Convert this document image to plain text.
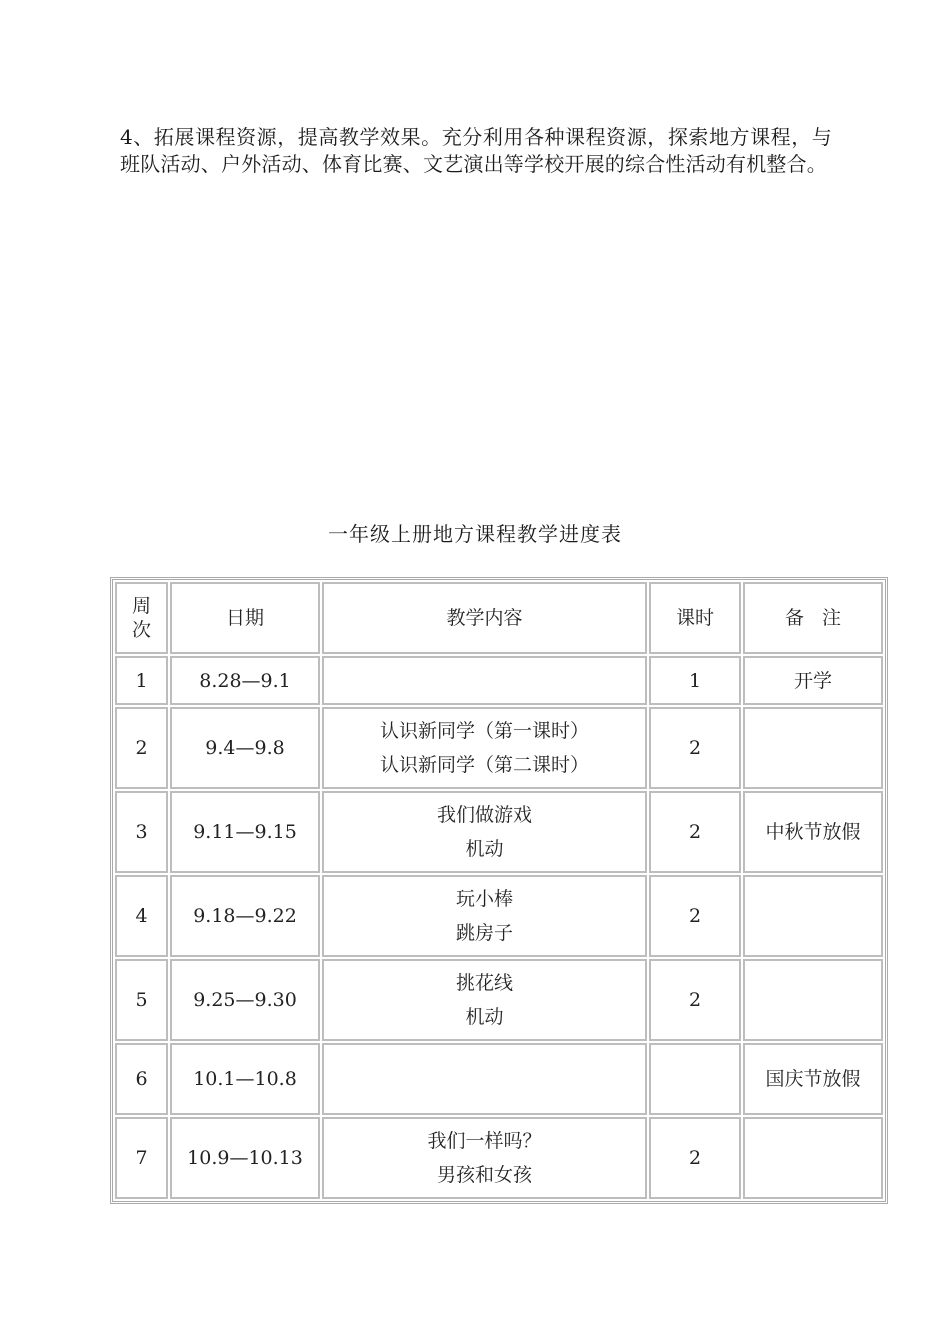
4、拓展课程资源，提高教学效果。充分利用各种课程资源，探索地方课程，与班队活动、户外活动、体育比赛、文艺演出等学校开展的综合性活动有机整合。
一年级上册地方课程教学进度表
周
次	日期	教学内容	课时	备注
1	8.28—9.1		1	开学
2	9.4—9.8	认识新同学（第一课时）
认识新同学（第二课时）	2	
3	9.11—9.15	我们做游戏
机动	2	中秋节放假
4	9.18—9.22	玩小棒
跳房子	2	
5	9.25—9.30	挑花线
机动	2	
6	10.1—10.8			国庆节放假
7	10.9—10.13	我们一样吗？
男孩和女孩	2	
